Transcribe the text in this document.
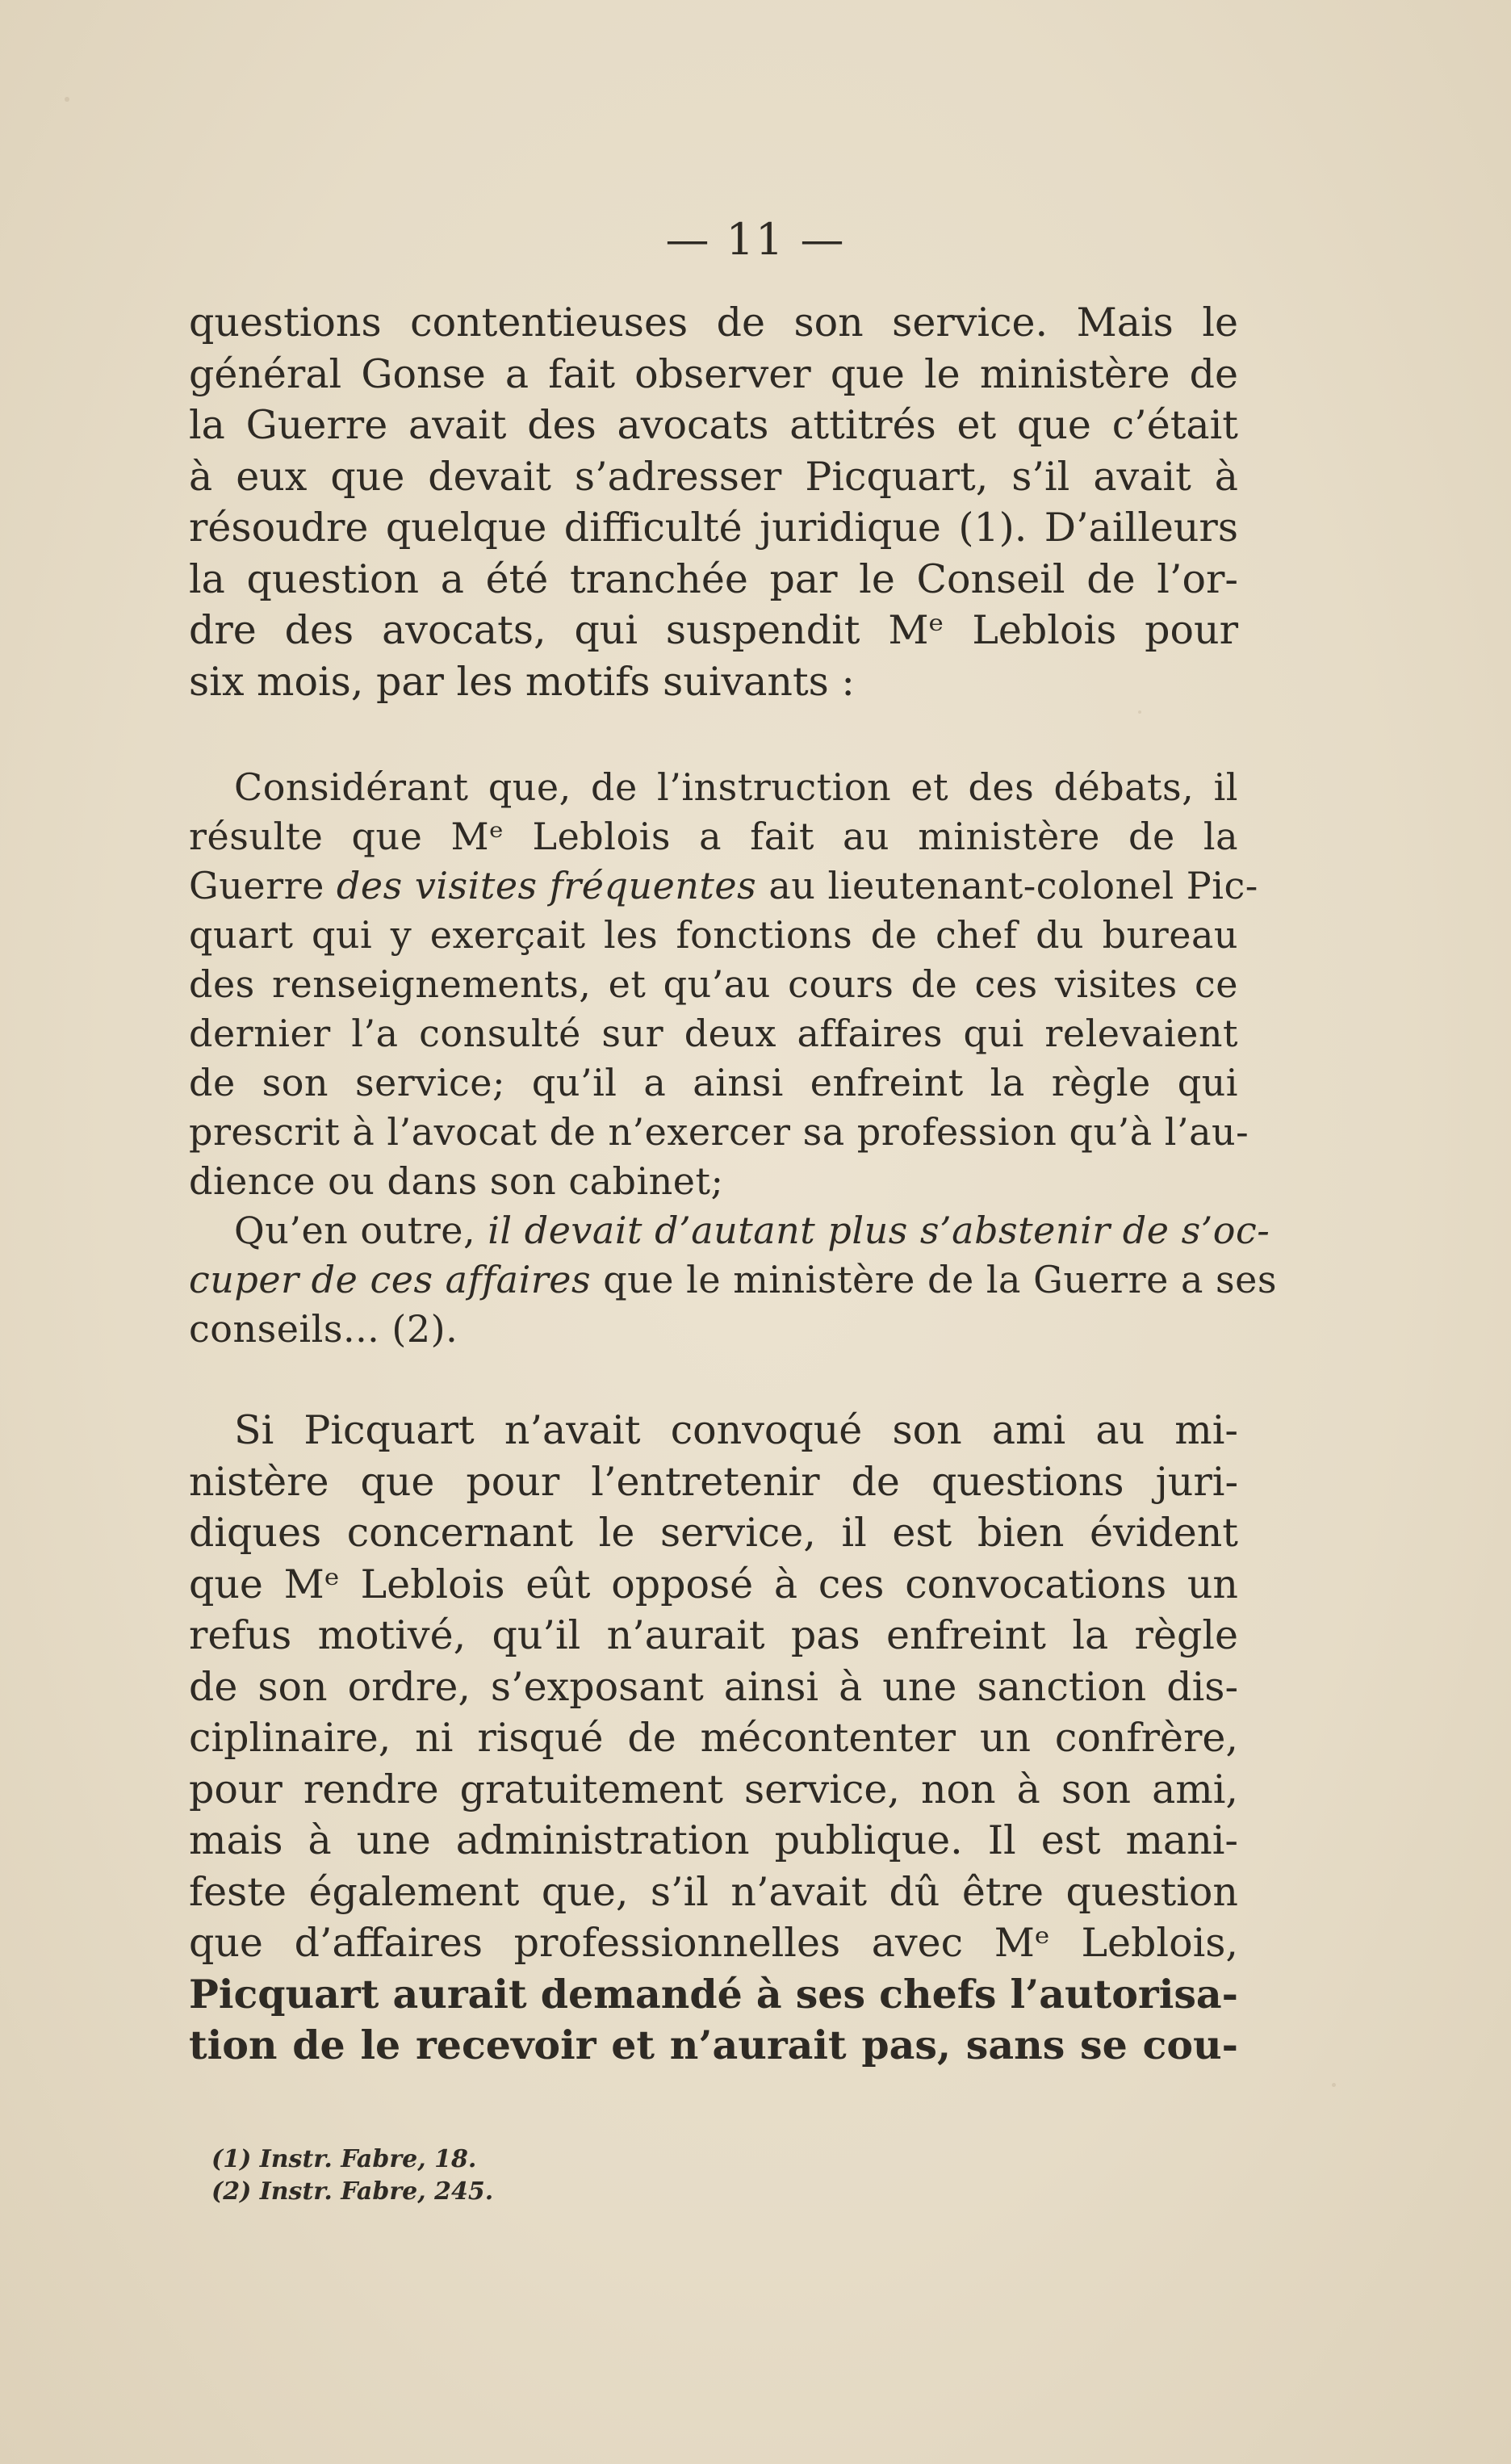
— 11 —
questions contentieuses de son service. Mais le
général Gonse a fait observer que le ministère de
la Guerre avait des avocats attitrés et que c’était
à eux que devait s’adresser Picquart, s’il avait à
résoudre quelque difficulté juridique (1). D’ailleurs
la question a été tranchée par le Conseil de l’or-
dre des avocats, qui suspendit Mᵉ Leblois pour
six mois, par les motifs suivants :
Considérant que, de l’instruction et des débats, il
résulte que Mᵉ Leblois a fait au ministère de la
Guerre des visites fréquentes au lieutenant-colonel Pic-
quart qui y exerçait les fonctions de chef du bureau
des renseignements, et qu’au cours de ces visites ce
dernier l’a consulté sur deux affaires qui relevaient
de son service; qu’il a ainsi enfreint la règle qui
prescrit à l’avocat de n’exercer sa profession qu’à l’au-
dience ou dans son cabinet;
Qu’en outre, il devait d’autant plus s’abstenir de s’oc-
cuper de ces affaires que le ministère de la Guerre a ses
conseils... (2).
Si Picquart n’avait convoqué son ami au mi-
nistère que pour l’entretenir de questions juri-
diques concernant le service, il est bien évident
que Mᵉ Leblois eût opposé à ces convocations un
refus motivé, qu’il n’aurait pas enfreint la règle
de son ordre, s’exposant ainsi à une sanction dis-
ciplinaire, ni risqué de mécontenter un confrère,
pour rendre gratuitement service, non à son ami,
mais à une administration publique. Il est mani-
feste également que, s’il n’avait dû être question
que d’affaires professionnelles avec Mᵉ Leblois,
Picquart aurait demandé à ses chefs l’autorisa-
tion de le recevoir et n’aurait pas, sans se cou-
(1) Instr. Fabre, 18.
(2) Instr. Fabre, 245.
